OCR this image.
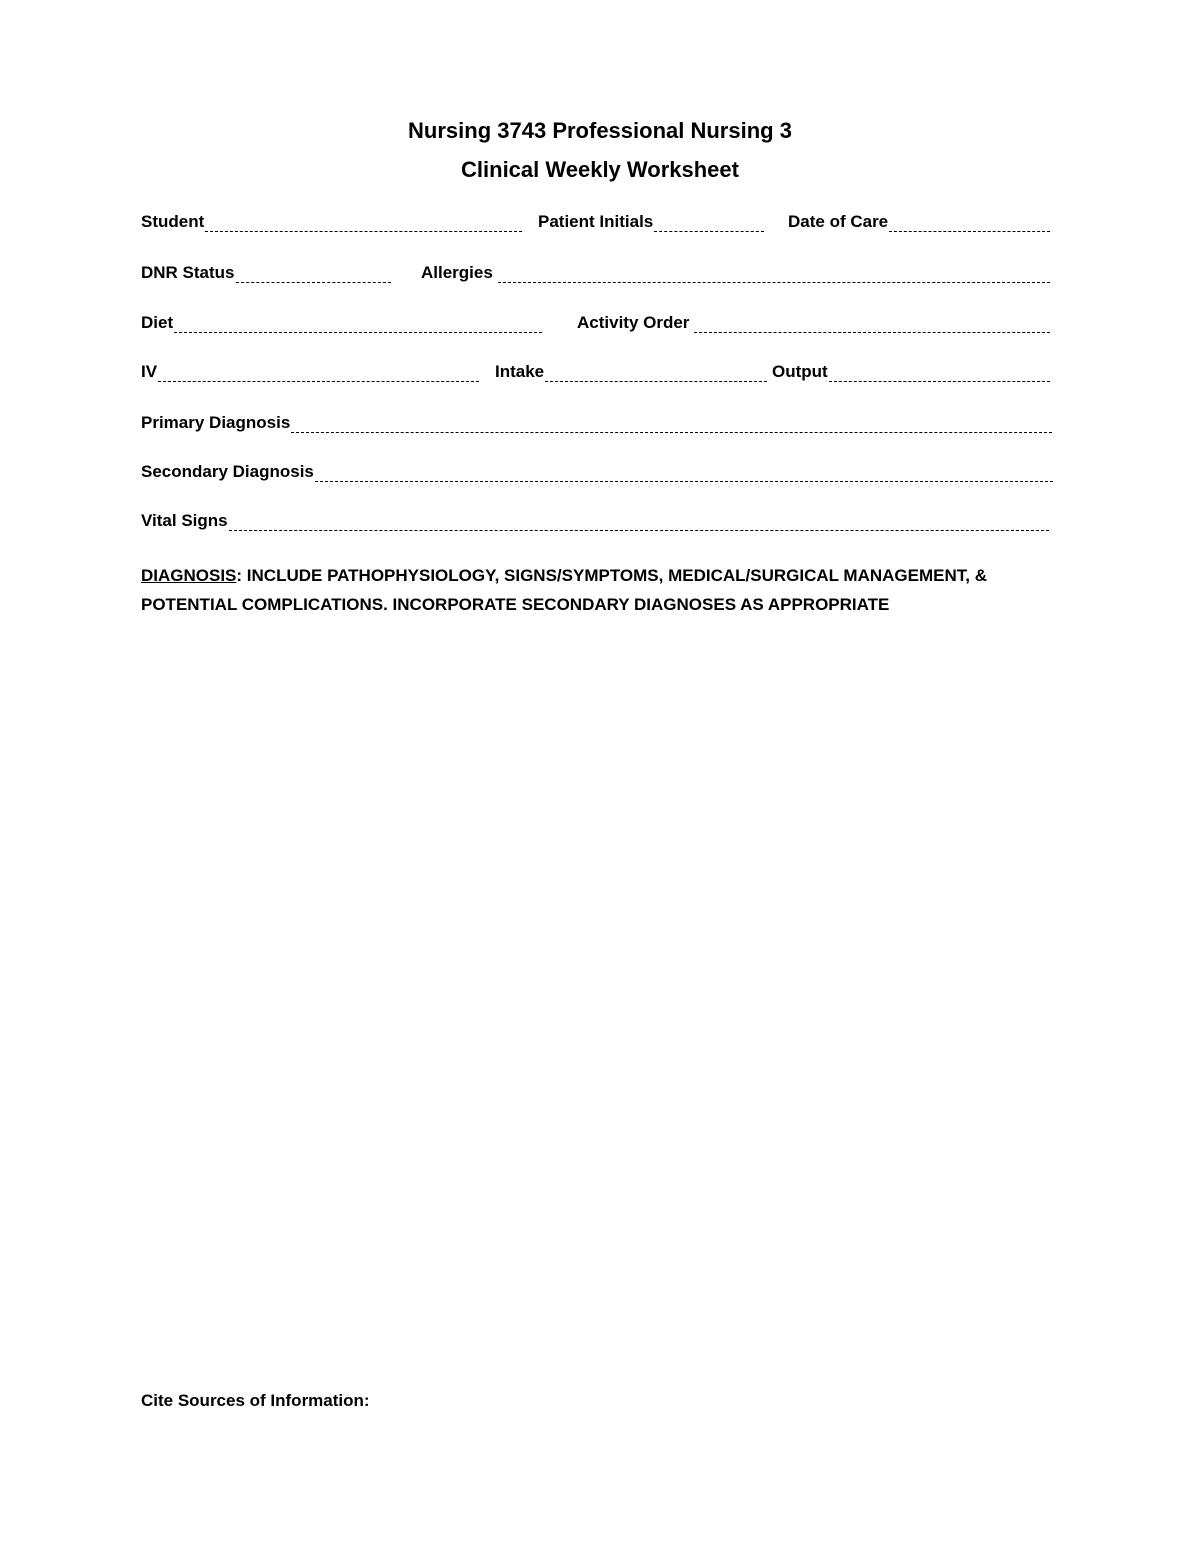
Nursing 3743 Professional Nursing 3
Clinical Weekly Worksheet
Student	Patient Initials	Date of Care
DNR Status	Allergies
Diet	Activity Order
IV	Intake	Output
Primary Diagnosis
Secondary Diagnosis
Vital Signs
DIAGNOSIS: INCLUDE PATHOPHYSIOLOGY, SIGNS/SYMPTOMS, MEDICAL/SURGICAL MANAGEMENT, & POTENTIAL COMPLICATIONS. INCORPORATE SECONDARY DIAGNOSES AS APPROPRIATE
Cite Sources of Information:
